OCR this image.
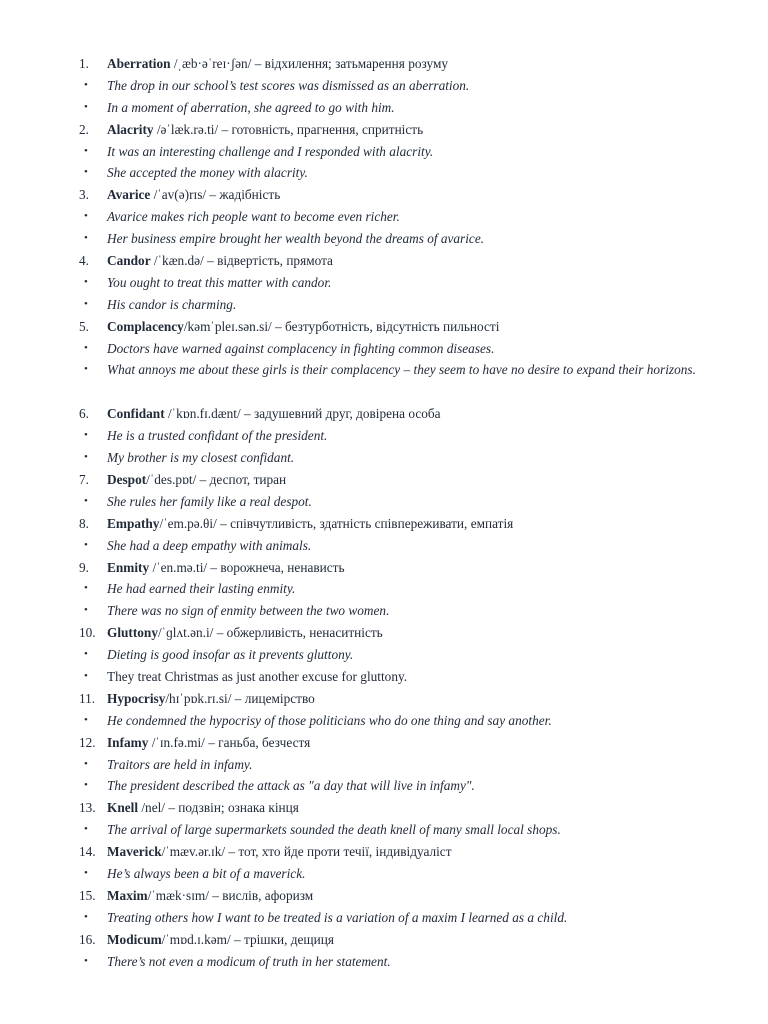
1. Aberration /ˌæb·əˈreɪ·ʃən/ – відхилення; затьмарення розуму
• The drop in our school’s test scores was dismissed as an aberration.
• In a moment of aberration, she agreed to go with him.
2. Alacrity /əˈlæk.rə.ti/ – готовність, прагнення, спритність
• It was an interesting challenge and I responded with alacrity.
• She accepted the money with alacrity.
3. Avarice /ˈav(ə)rɪs/ – жадібність
• Avarice makes rich people want to become even richer.
• Her business empire brought her wealth beyond the dreams of avarice.
4. Candor /ˈkæn.də/ – відвертість, прямота
• You ought to treat this matter with candor.
• His candor is charming.
5. Complacency/kəmˈpleɪ.sən.si/ – безтурботність, відсутність пильності
• Doctors have warned against complacency in fighting common diseases.
• What annoys me about these girls is their complacency – they seem to have no desire to expand their horizons.
6. Confidant /ˈkɒn.fɪ.dænt/ – задушевний друг, довірена особа
• He is a trusted confidant of the president.
• My brother is my closest confidant.
7. Despot/ˈdes.pɒt/ – деспот, тиран
• She rules her family like a real despot.
8. Empathy/ˈem.pə.θi/ – співчутливість, здатність співпереживати, емпатія
• She had a deep empathy with animals.
9. Enmity /ˈen.mə.ti/ – ворожнеча, ненависть
• He had earned their lasting enmity.
• There was no sign of enmity between the two women.
10. Gluttony/ˈɡlʌt.ən.i/ – обжерливість, ненаситність
• Dieting is good insofar as it prevents gluttony.
• They treat Christmas as just another excuse for gluttony.
11. Hypocrisy/hɪˈpɒk.rɪ.si/ – лицемірство
• He condemned the hypocrisy of those politicians who do one thing and say another.
12. Infamy /ˈɪn.fə.mi/ – ганьба, безчестя
• Traitors are held in infamy.
• The president described the attack as "a day that will live in infamy".
13. Knell /nel/ – подзвін; ознака кінця
• The arrival of large supermarkets sounded the death knell of many small local shops.
14. Maverick/ˈmæv.ər.ɪk/ – тот, хто йде проти течії, індивідуаліст
• He’s always been a bit of a maverick.
15. Maxim/ˈmæk·sɪm/ – вислів, афоризм
• Treating others how I want to be treated is a variation of a maxim I learned as a child.
16. Modicum/ˈmɒd.ɪ.kəm/ – трішки, дещиця
• There’s not even a modicum of truth in her statement.
